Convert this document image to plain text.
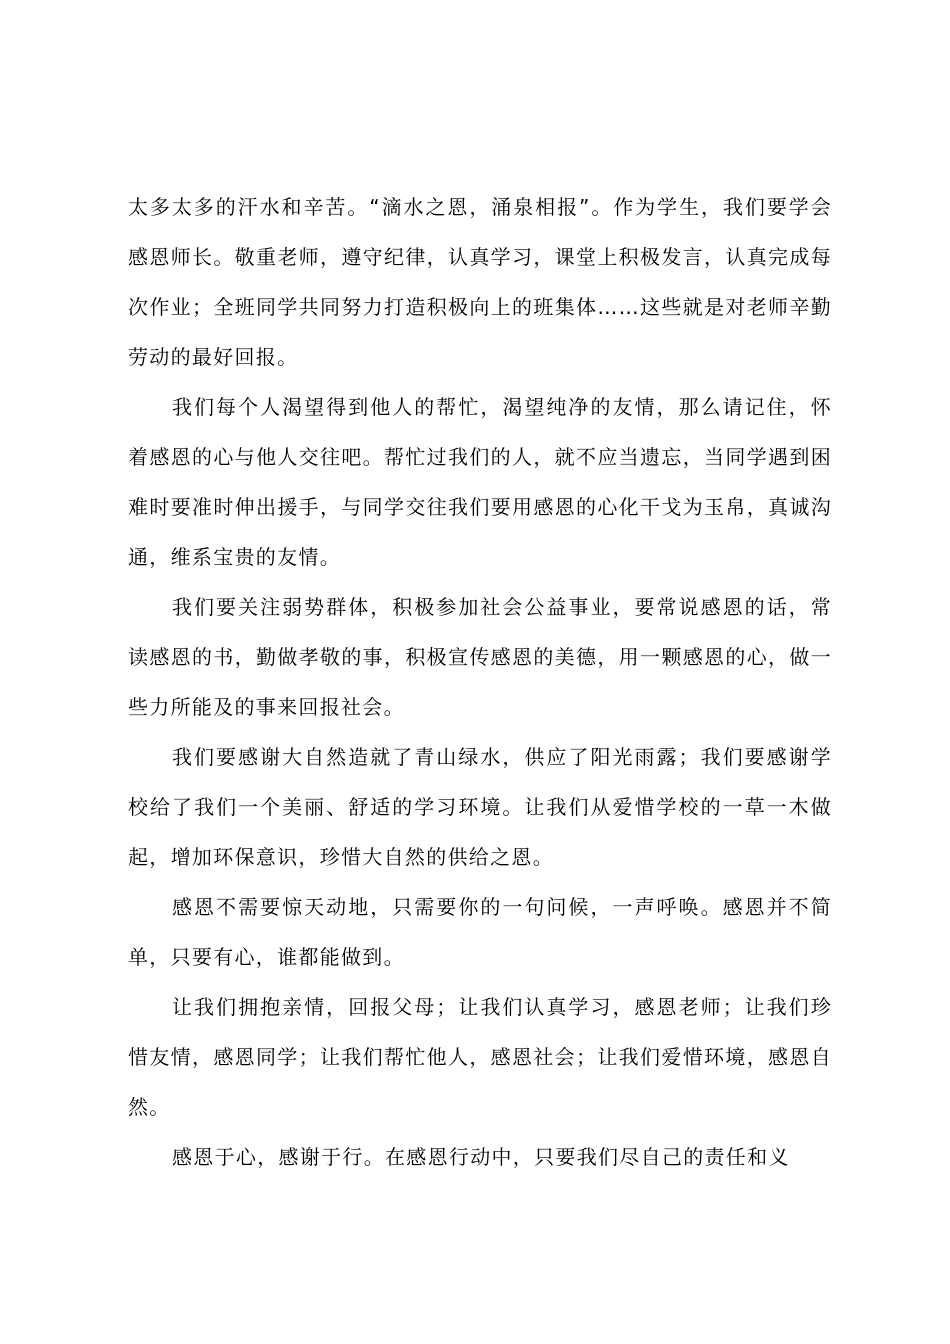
太多太多的汗水和辛苦。“滴水之恩，涌泉相报”。作为学生，我们要学会感恩师长。敬重老师，遵守纪律，认真学习，课堂上积极发言，认真完成每次作业；全班同学共同努力打造积极向上的班集体……这些就是对老师辛勤劳动的最好回报。

我们每个人渴望得到他人的帮忙，渴望纯净的友情，那么请记住，怀着感恩的心与他人交往吧。帮忙过我们的人，就不应当遗忘，当同学遇到困难时要准时伸出援手，与同学交往我们要用感恩的心化干戈为玉帛，真诚沟通，维系宝贵的友情。

我们要关注弱势群体，积极参加社会公益事业，要常说感恩的话，常读感恩的书，勤做孝敬的事，积极宣传感恩的美德，用一颗感恩的心，做一些力所能及的事来回报社会。

我们要感谢大自然造就了青山绿水，供应了阳光雨露；我们要感谢学校给了我们一个美丽、舒适的学习环境。让我们从爱惜学校的一草一木做起，增加环保意识，珍惜大自然的供给之恩。

感恩不需要惊天动地，只需要你的一句问候，一声呼唤。感恩并不简单，只要有心，谁都能做到。

让我们拥抱亲情，回报父母；让我们认真学习，感恩老师；让我们珍惜友情，感恩同学；让我们帮忙他人，感恩社会；让我们爱惜环境，感恩自然。

感恩于心，感谢于行。在感恩行动中，只要我们尽自己的责任和义
